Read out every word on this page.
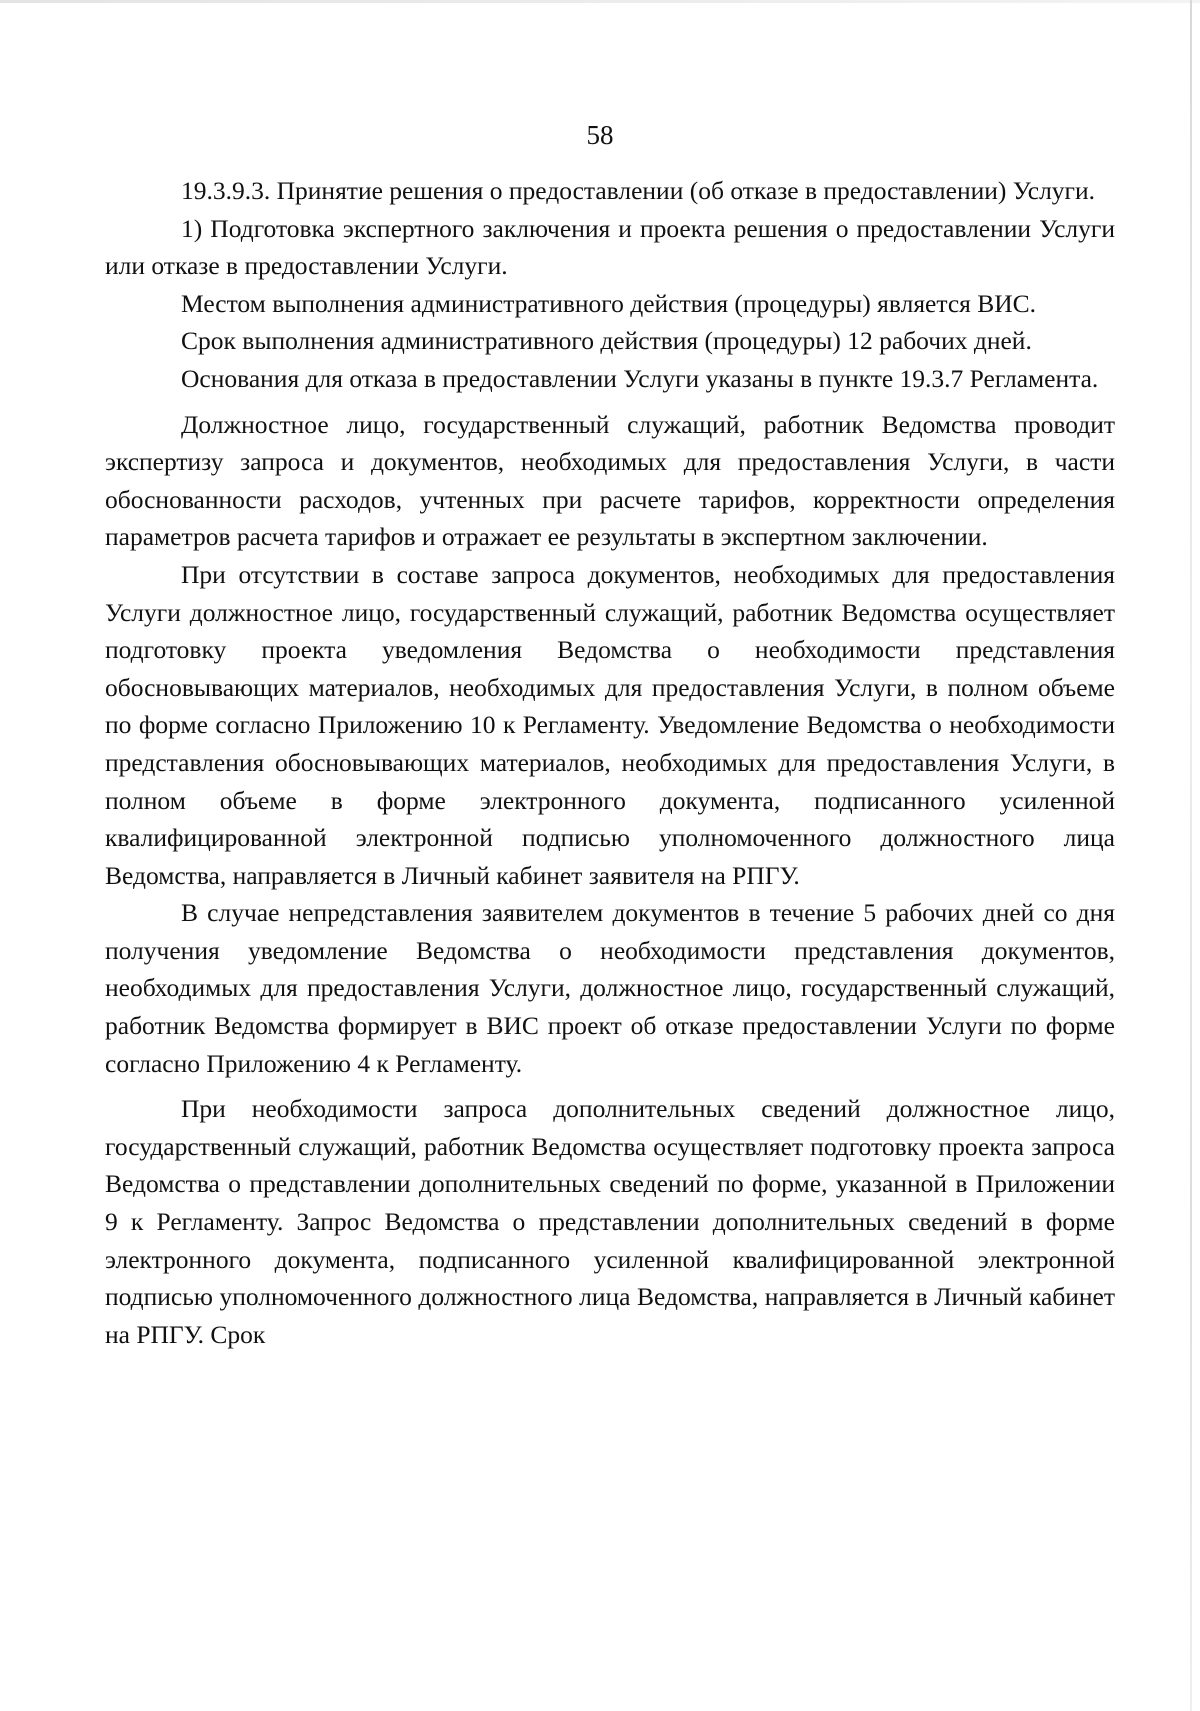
58

19.3.9.3. Принятие решения о предоставлении (об отказе в предоставлении) Услуги.

1) Подготовка экспертного заключения и проекта решения о предоставлении Услуги или отказе в предоставлении Услуги.

Местом выполнения административного действия (процедуры) является ВИС.

Срок выполнения административного действия (процедуры) 12 рабочих дней.

Основания для отказа в предоставлении Услуги указаны в пункте 19.3.7 Регламента.

Должностное лицо, государственный служащий, работник Ведомства проводит экспертизу запроса и документов, необходимых для предоставления Услуги, в части обоснованности расходов, учтенных при расчете тарифов, корректности определения параметров расчета тарифов и отражает ее результаты в экспертном заключении.

При отсутствии в составе запроса документов, необходимых для предоставления Услуги должностное лицо, государственный служащий, работник Ведомства осуществляет подготовку проекта уведомления Ведомства о необходимости представления обосновывающих материалов, необходимых для предоставления Услуги, в полном объеме по форме согласно Приложению 10 к Регламенту. Уведомление Ведомства о необходимости представления обосновывающих материалов, необходимых для предоставления Услуги, в полном объеме в форме электронного документа, подписанного усиленной квалифицированной электронной подписью уполномоченного должностного лица Ведомства, направляется в Личный кабинет заявителя на РПГУ.

В случае непредставления заявителем документов в течение 5 рабочих дней со дня получения уведомление Ведомства о необходимости представления документов, необходимых для предоставления Услуги, должностное лицо, государственный служащий, работник Ведомства формирует в ВИС проект об отказе предоставлении Услуги по форме согласно Приложению 4 к Регламенту.

При необходимости запроса дополнительных сведений должностное лицо, государственный служащий, работник Ведомства осуществляет подготовку проекта запроса Ведомства о представлении дополнительных сведений по форме, указанной в Приложении 9 к Регламенту. Запрос Ведомства о представлении дополнительных сведений в форме электронного документа, подписанного усиленной квалифицированной электронной подписью уполномоченного должностного лица Ведомства, направляется в Личный кабинет на РПГУ. Срок
